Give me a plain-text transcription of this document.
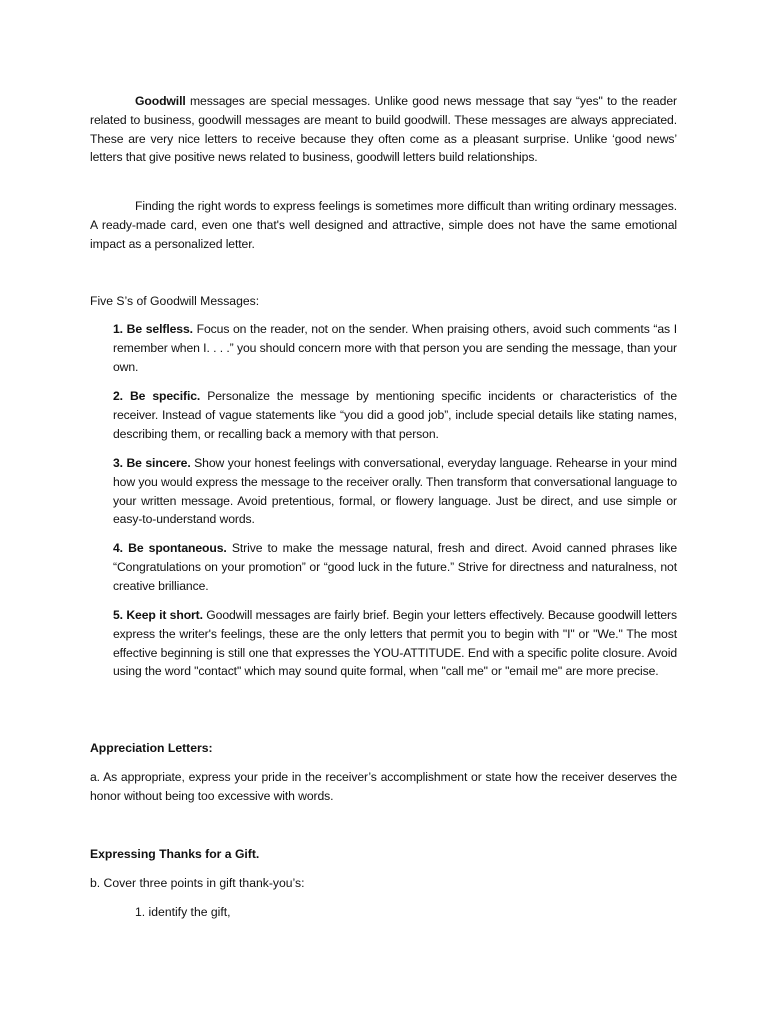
Goodwill messages are special messages. Unlike good news message that say “yes" to the reader related to business, goodwill messages are meant to build goodwill. These messages are always appreciated. These are very nice letters to receive because they often come as a pleasant surprise. Unlike ‘good news’ letters that give positive news related to business, goodwill letters build relationships.
Finding the right words to express feelings is sometimes more difficult than writing ordinary messages. A ready-made card, even one that's well designed and attractive, simple does not have the same emotional impact as a personalized letter.
Five S’s of Goodwill Messages:
1. Be selfless. Focus on the reader, not on the sender. When praising others, avoid such comments “as I remember when I. . . .” you should concern more with that person you are sending the message, than your own.
2. Be specific. Personalize the message by mentioning specific incidents or characteristics of the receiver. Instead of vague statements like “you did a good job”, include special details like stating names, describing them, or recalling back a memory with that person.
3. Be sincere. Show your honest feelings with conversational, everyday language. Rehearse in your mind how you would express the message to the receiver orally. Then transform that conversational language to your written message. Avoid pretentious, formal, or flowery language. Just be direct, and use simple or easy-to-understand words.
4. Be spontaneous. Strive to make the message natural, fresh and direct. Avoid canned phrases like “Congratulations on your promotion” or “good luck in the future.” Strive for directness and naturalness, not creative brilliance.
5. Keep it short. Goodwill messages are fairly brief. Begin your letters effectively. Because goodwill letters express the writer's feelings, these are the only letters that permit you to begin with "I" or "We." The most effective beginning is still one that expresses the YOU-ATTITUDE. End with a specific polite closure. Avoid using the word "contact" which may sound quite formal, when "call me" or "email me" are more precise.
Appreciation Letters:
a. As appropriate, express your pride in the receiver’s accomplishment or state how the receiver deserves the honor without being too excessive with words.
Expressing Thanks for a Gift.
b. Cover three points in gift thank-you’s:
1. identify the gift,
